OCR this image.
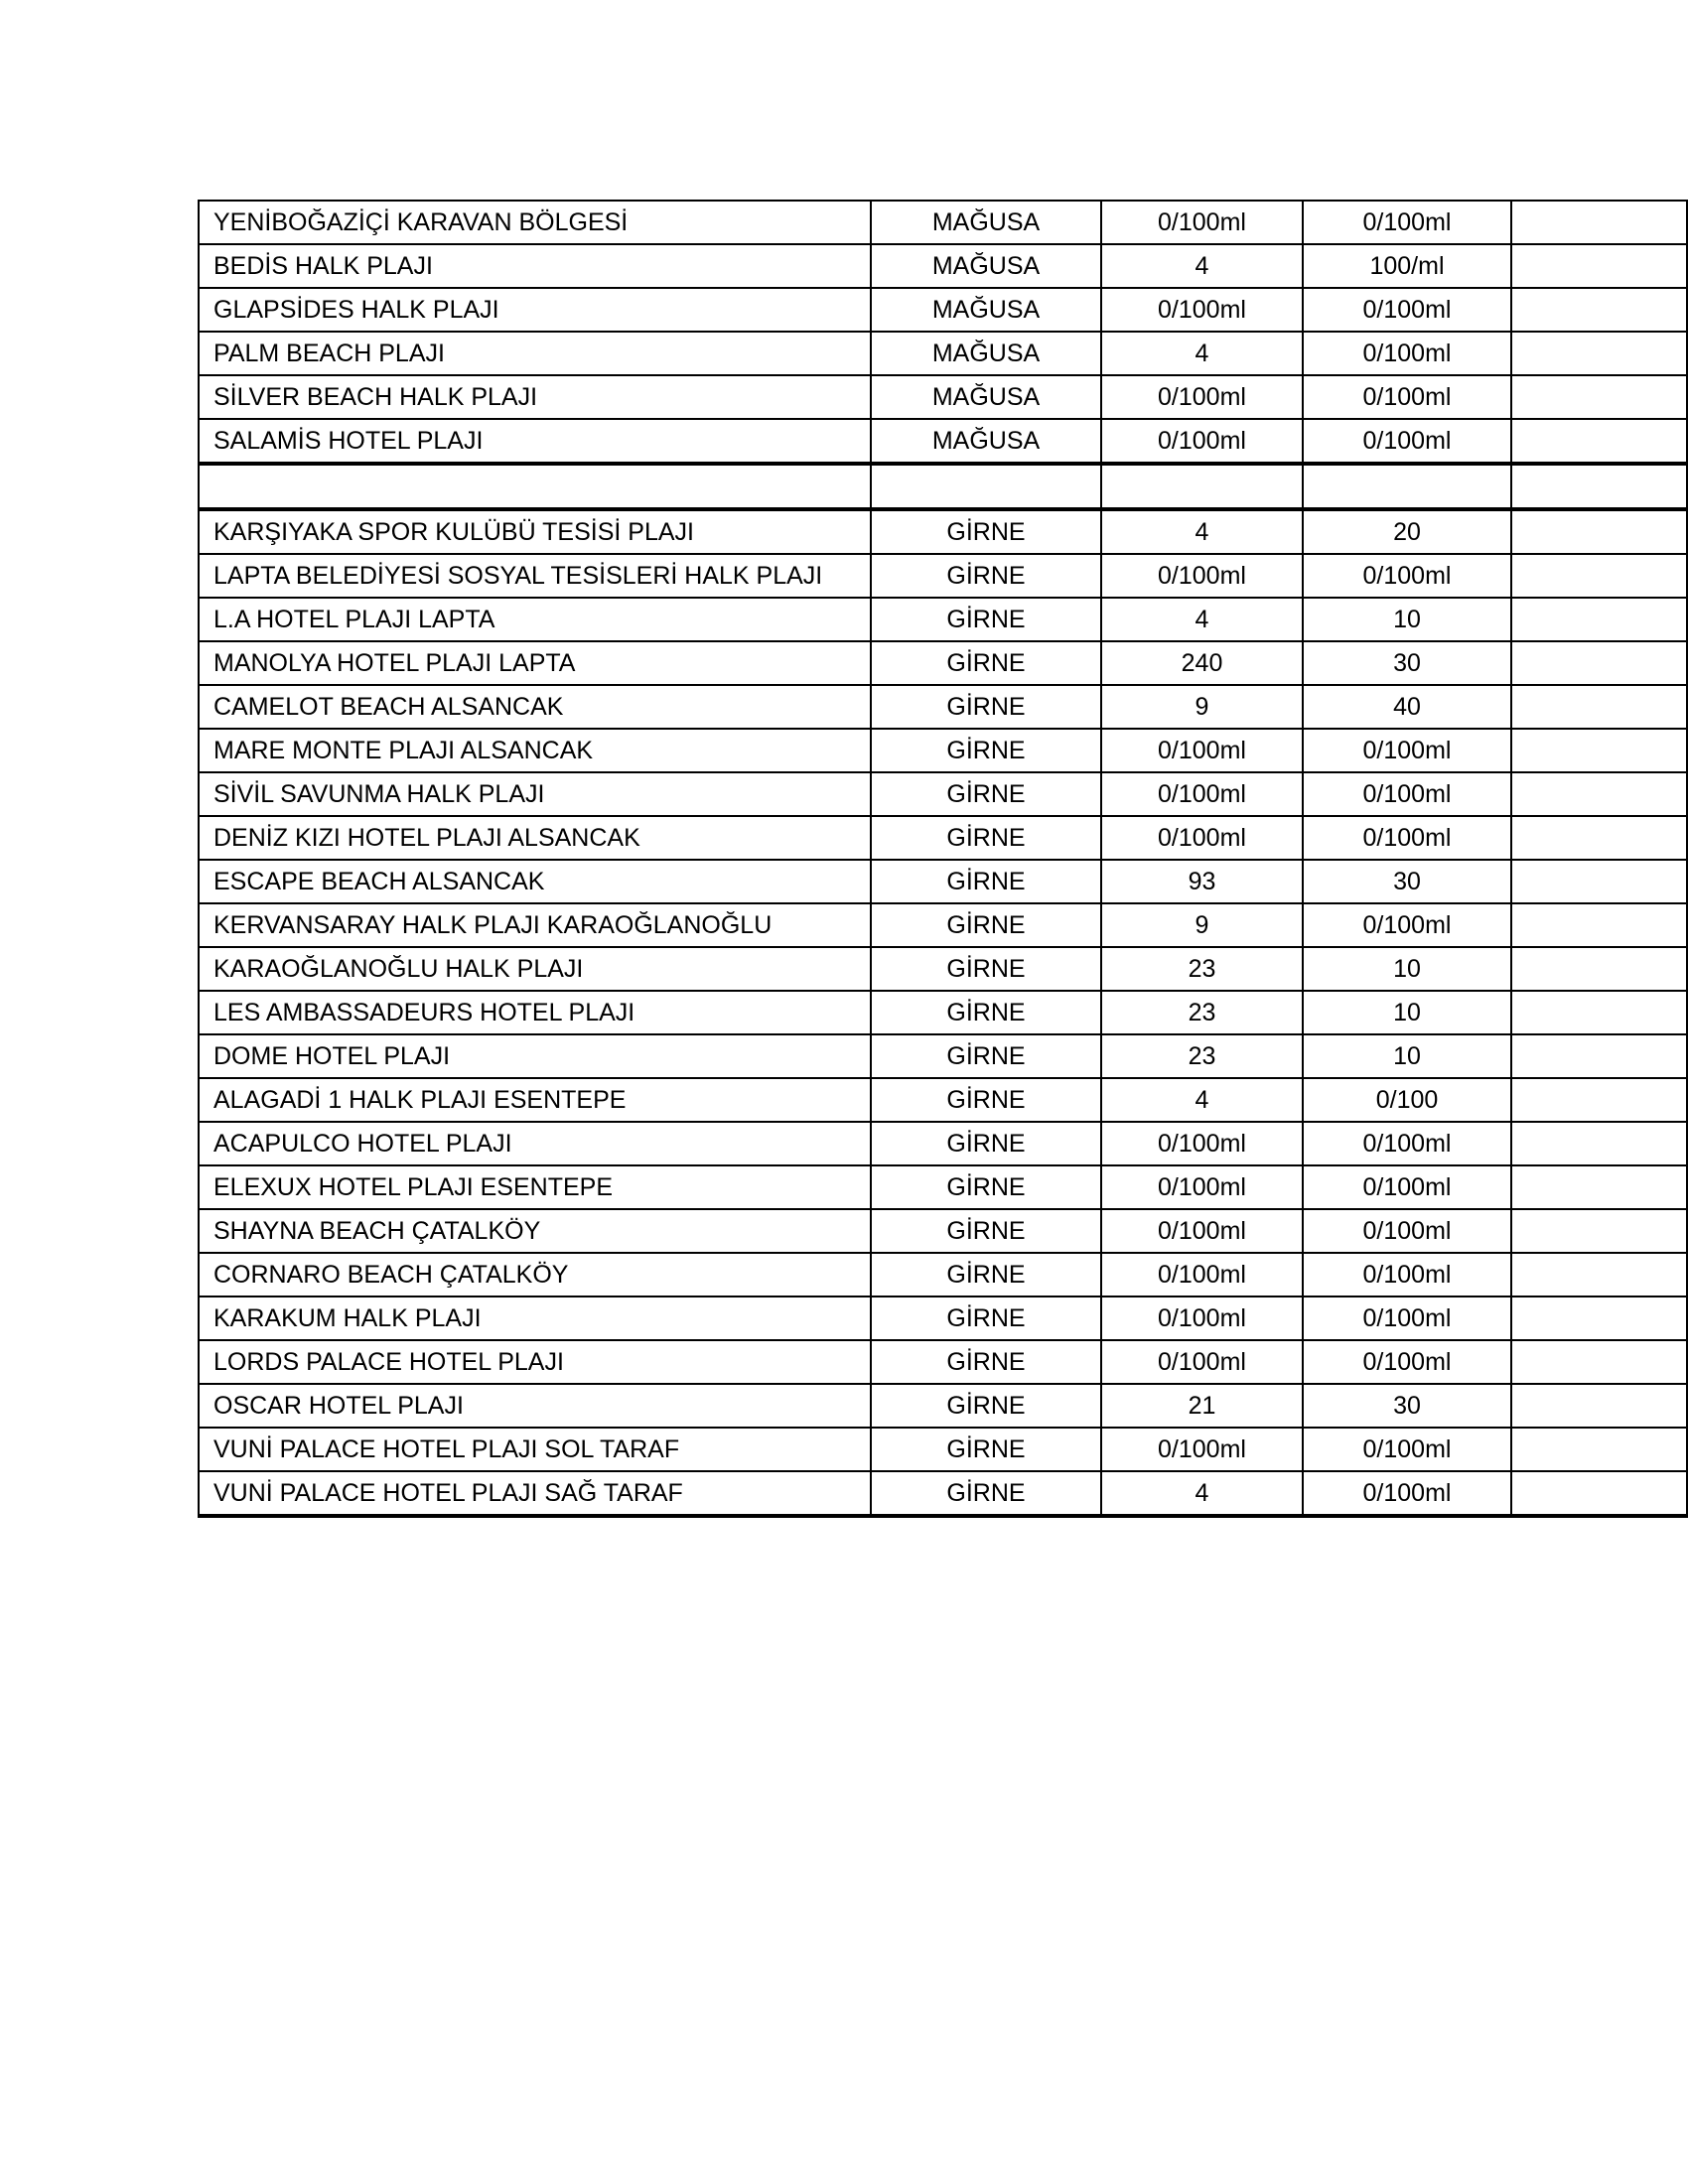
YENİBOĞAZİÇİ KARAVAN BÖLGESİ	MAĞUSA	0/100ml	0/100ml	
BEDİS HALK PLAJI	MAĞUSA	4	100/ml	
GLAPSİDES HALK PLAJI	MAĞUSA	0/100ml	0/100ml	
PALM BEACH PLAJI	MAĞUSA	4	0/100ml	
SİLVER BEACH HALK PLAJI	MAĞUSA	0/100ml	0/100ml	
SALAMİS HOTEL PLAJI	MAĞUSA	0/100ml	0/100ml	

KARŞIYAKA SPOR KULÜBÜ TESİSİ PLAJI	GİRNE	4	20	
LAPTA BELEDİYESİ SOSYAL TESİSLERİ HALK PLAJI	GİRNE	0/100ml	0/100ml	
L.A HOTEL PLAJI LAPTA	GİRNE	4	10	
MANOLYA HOTEL PLAJI LAPTA	GİRNE	240	30	
CAMELOT BEACH ALSANCAK	GİRNE	9	40	
MARE MONTE PLAJI ALSANCAK	GİRNE	0/100ml	0/100ml	
SİVİL SAVUNMA HALK PLAJI	GİRNE	0/100ml	0/100ml	
DENİZ KIZI HOTEL PLAJI ALSANCAK	GİRNE	0/100ml	0/100ml	
ESCAPE BEACH ALSANCAK	GİRNE	93	30	
KERVANSARAY HALK PLAJI KARAOĞLANOĞLU	GİRNE	9	0/100ml	
KARAOĞLANOĞLU HALK PLAJI	GİRNE	23	10	
LES AMBASSADEURS HOTEL PLAJI	GİRNE	23	10	
DOME HOTEL PLAJI	GİRNE	23	10	
ALAGADİ 1 HALK PLAJI ESENTEPE	GİRNE	4	0/100	
ACAPULCO HOTEL PLAJI	GİRNE	0/100ml	0/100ml	
ELEXUX HOTEL PLAJI ESENTEPE	GİRNE	0/100ml	0/100ml	
SHAYNA BEACH ÇATALKÖY	GİRNE	0/100ml	0/100ml	
CORNARO BEACH ÇATALKÖY	GİRNE	0/100ml	0/100ml	
KARAKUM HALK PLAJI	GİRNE	0/100ml	0/100ml	
LORDS PALACE HOTEL PLAJI	GİRNE	0/100ml	0/100ml	
OSCAR HOTEL PLAJI	GİRNE	21	30	
VUNİ PALACE HOTEL PLAJI SOL TARAF	GİRNE	0/100ml	0/100ml	
VUNİ PALACE HOTEL PLAJI SAĞ TARAF	GİRNE	4	0/100ml	
